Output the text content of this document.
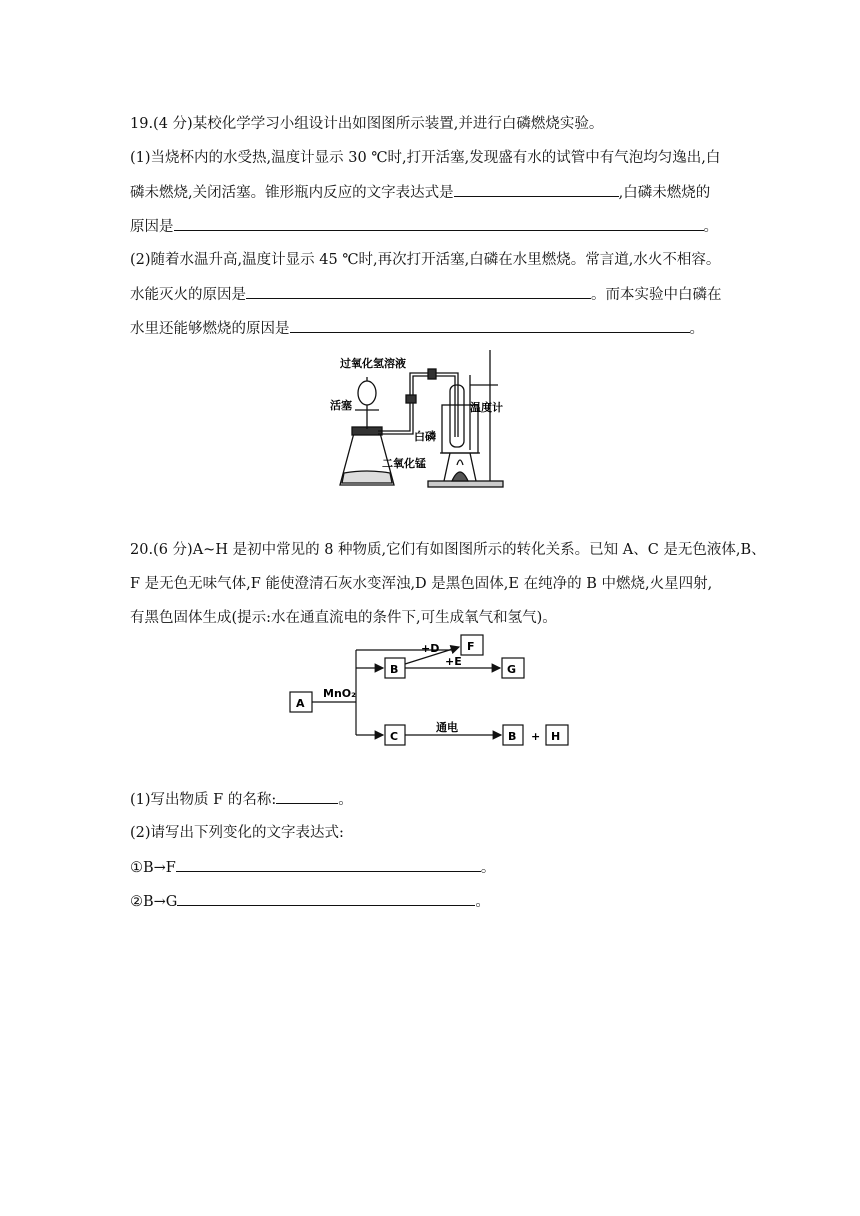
19.(4 分)某校化学学习小组设计出如图图所示装置,并进行白磷燃烧实验。
(1)当烧杯内的水受热,温度计显示 30 ℃时,打开活塞,发现盛有水的试管中有气泡均匀逸出,白
磷未燃烧,关闭活塞。锥形瓶内反应的文字表达式是	,白磷未燃烧的
原因是	。
(2)随着水温升高,温度计显示 45 ℃时,再次打开活塞,白磷在水里燃烧。常言道,水火不相容。
水能灭火的原因是	。而本实验中白磷在
水里还能够燃烧的原因是	。
过氧化氢溶液
活塞
白磷
温度计
二氧化锰
20.(6 分)A~H 是初中常见的 8 种物质,它们有如图图所示的转化关系。已知 A、C 是无色液体,B、
F 是无色无味气体,F 能使澄清石灰水变浑浊,D 是黑色固体,E 在纯净的 B 中燃烧,火星四射,
有黑色固体生成(提示:水在通直流电的条件下,可生成氧气和氢气)。
A
B
C
F
G
B	H
MnO₂
+D
+E
通电
+
(1)写出物质 F 的名称:	。
(2)请写出下列变化的文字表达式:
①B→F	。
②B→G	。
